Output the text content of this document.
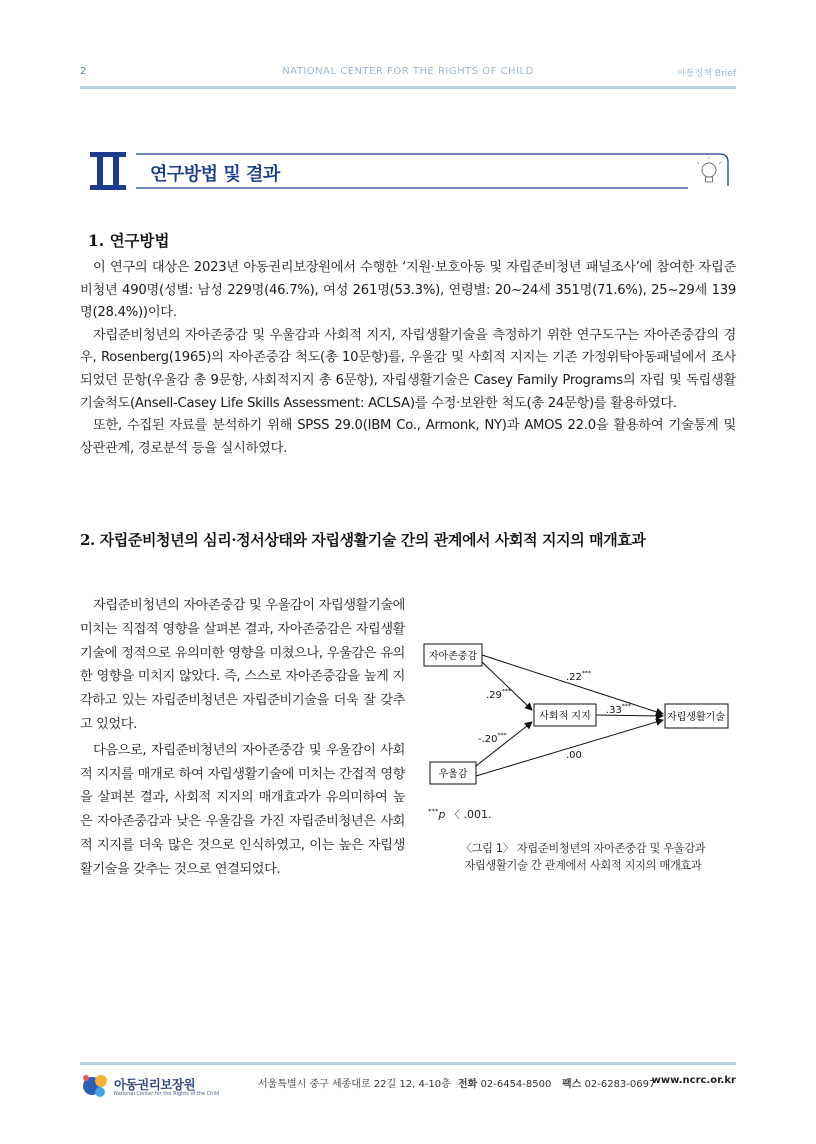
2	NATIONAL CENTER FOR THE RIGHTS OF CHILD	아동정책 Brief
연구방법 및 결과
1. 연구방법

이 연구의 대상은 2023년 아동권리보장원에서 수행한 ‘지원·보호아동 및 자립준비청년 패널조사’에 참여한 자립준비청년 490명(성별: 남성 229명(46.7%), 여성 261명(53.3%), 연령별: 20~24세 351명(71.6%), 25~29세 139명(28.4%))이다.

자립준비청년의 자아존중감 및 우울감과 사회적 지지, 자립생활기술을 측정하기 위한 연구도구는 자아존중감의 경우, Rosenberg(1965)의 자아존중감 척도(총 10문항)를, 우울감 및 사회적 지지는 기존 가정위탁아동패널에서 조사되었던 문항(우울감 총 9문항, 사회적지지 총 6문항), 자립생활기술은 Casey Family Programs의 자립 및 독립생활기술척도(Ansell-Casey Life Skills Assessment: ACLSA)를 수정·보완한 척도(총 24문항)를 활용하였다.

또한, 수집된 자료를 분석하기 위해 SPSS 29.0(IBM Co., Armonk, NY)과 AMOS 22.0을 활용하여 기술통계 및 상관관계, 경로분석 등을 실시하였다.

2. 자립준비청년의 심리·정서상태와 자립생활기술 간의 관계에서 사회적 지지의 매개효과

자립준비청년의 자아존중감 및 우울감이 자립생활기술에 미치는 직접적 영향을 살펴본 결과, 자아존중감은 자립생활기술에 정적으로 유의미한 영향을 미쳤으나, 우울감은 유의한 영향을 미치지 않았다. 즉, 스스로 자아존중감을 높게 지각하고 있는 자립준비청년은 자립준비기술을 더욱 잘 갖추고 있었다.

다음으로, 자립준비청년의 자아존중감 및 우울감이 사회적 지지를 매개로 하여 자립생활기술에 미치는 간접적 영향을 살펴본 결과, 사회적 지지의 매개효과가 유의미하여 높은 자아존중감과 낮은 우울감을 가진 자립준비청년은 사회적 지지를 더욱 많은 것으로 인식하였고, 이는 높은 자립생활기술을 갖추는 것으로 연결되었다.

자아존중감
우울감
사회적 지지	자립생활기술
.22***
.29***
-.20***
.33***
.00
***p 〈 .001.
〈그림 1〉 자립준비청년의 자아존중감 및 우울감과
자립생활기술 간 관계에서 사회적 지지의 매개효과
아동권리보장원
National Center for the Rights of the Child
서울특별시 중구 세종대로 22길 12, 4-10층 전화 02-6454-8500 팩스 02-6283-0697
www.ncrc.or.kr
